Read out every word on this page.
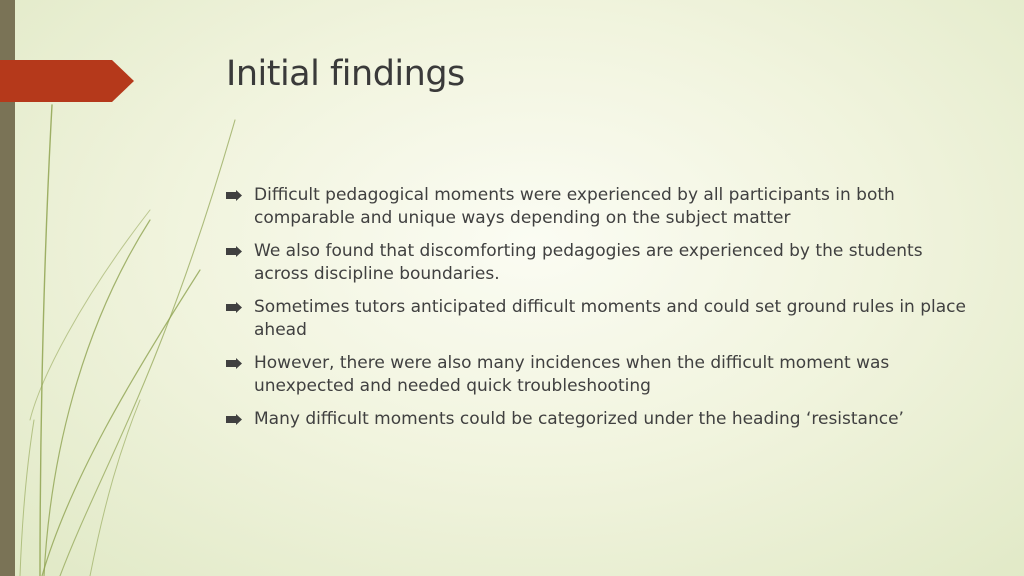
Initial findings
Difficult pedagogical moments were experienced by all participants in both comparable and unique ways depending on the subject matter
We also found that discomforting pedagogies are experienced by the students across discipline boundaries.
Sometimes tutors anticipated difficult moments and could set ground rules in place ahead
However, there were also many incidences when the difficult moment was unexpected and needed quick troubleshooting
Many difficult moments could be categorized under the heading ‘resistance’
